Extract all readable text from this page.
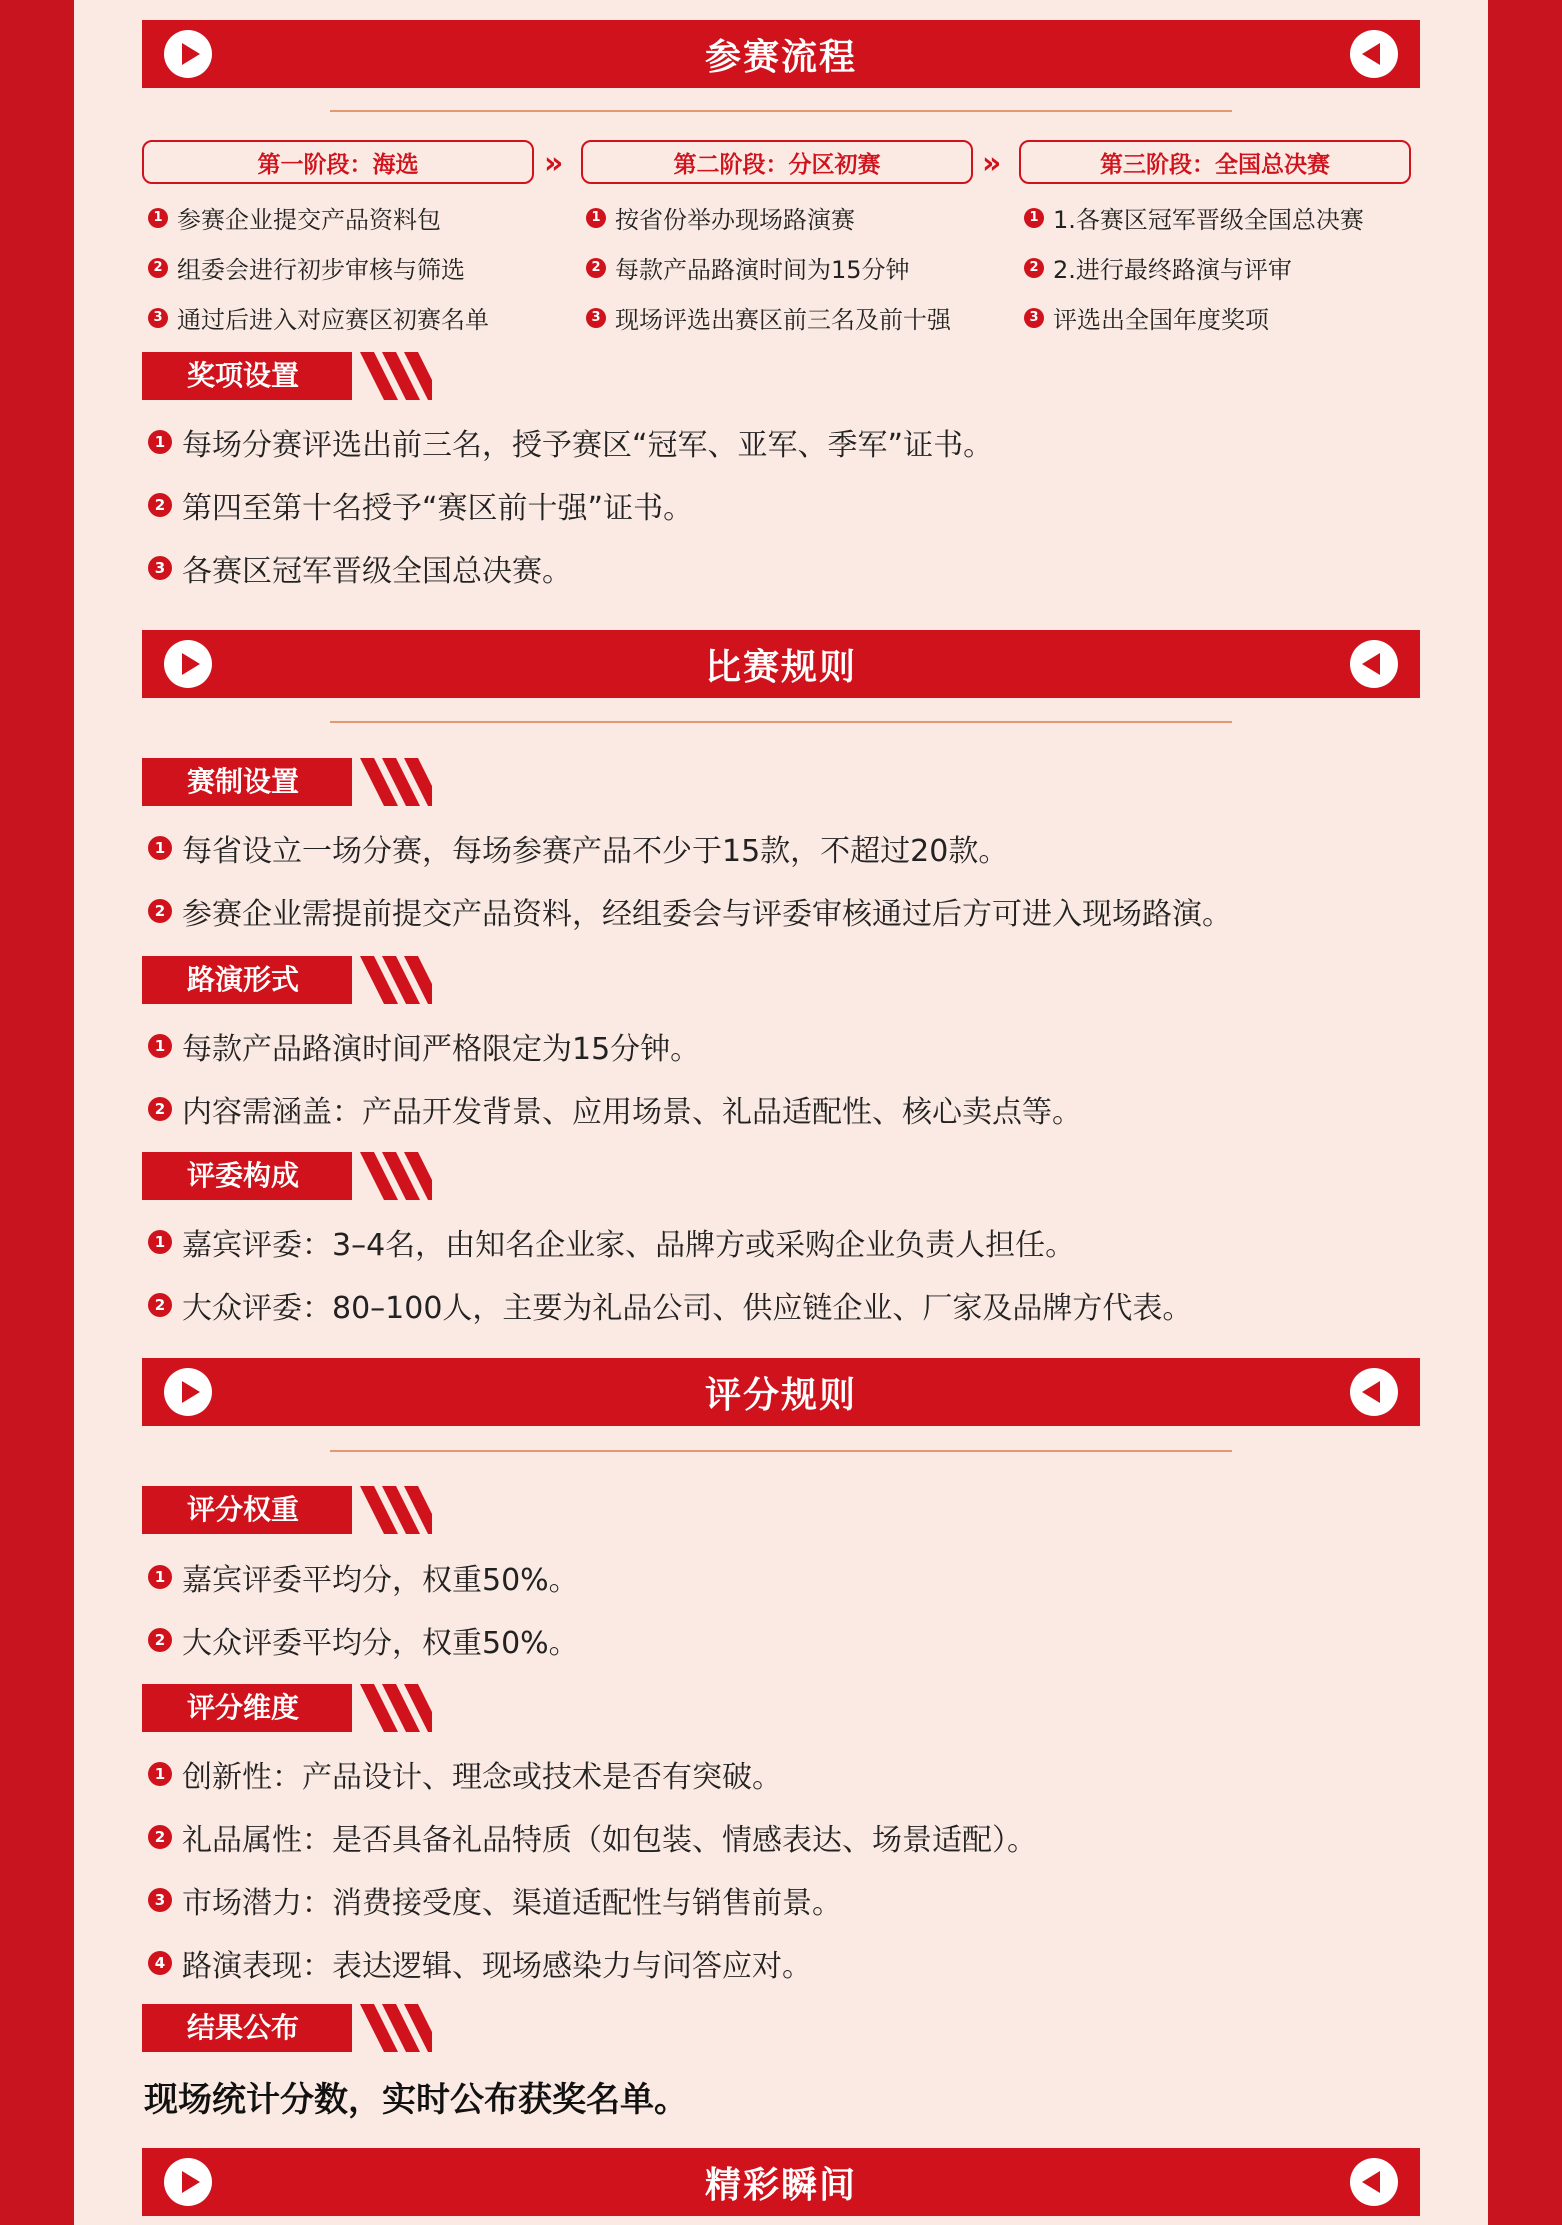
参赛流程
第一阶段：海选	»	第二阶段：分区初赛	»	第三阶段：全国总决赛
1 参赛企业提交产品资料包
2 组委会进行初步审核与筛选
3 通过后进入对应赛区初赛名单
1 按省份举办现场路演赛
2 每款产品路演时间为15分钟
3 现场评选出赛区前三名及前十强
1 1.各赛区冠军晋级全国总决赛
2 2.进行最终路演与评审
3 评选出全国年度奖项
奖项设置
1 每场分赛评选出前三名，授予赛区“冠军、亚军、季军”证书。
2 第四至第十名授予“赛区前十强”证书。
3 各赛区冠军晋级全国总决赛。
比赛规则
赛制设置
1 每省设立一场分赛，每场参赛产品不少于15款，不超过20款。
2 参赛企业需提前提交产品资料，经组委会与评委审核通过后方可进入现场路演。
路演形式
1 每款产品路演时间严格限定为15分钟。
2 内容需涵盖：产品开发背景、应用场景、礼品适配性、核心卖点等。
评委构成
1 嘉宾评委：3–4名，由知名企业家、品牌方或采购企业负责人担任。
2 大众评委：80–100人，主要为礼品公司、供应链企业、厂家及品牌方代表。
评分规则
评分权重
1 嘉宾评委平均分，权重50%。
2 大众评委平均分，权重50%。
评分维度
1 创新性：产品设计、理念或技术是否有突破。
2 礼品属性：是否具备礼品特质（如包装、情感表达、场景适配）。
3 市场潜力：消费接受度、渠道适配性与销售前景。
4 路演表现：表达逻辑、现场感染力与问答应对。
结果公布
现场统计分数，实时公布获奖名单。
精彩瞬间
